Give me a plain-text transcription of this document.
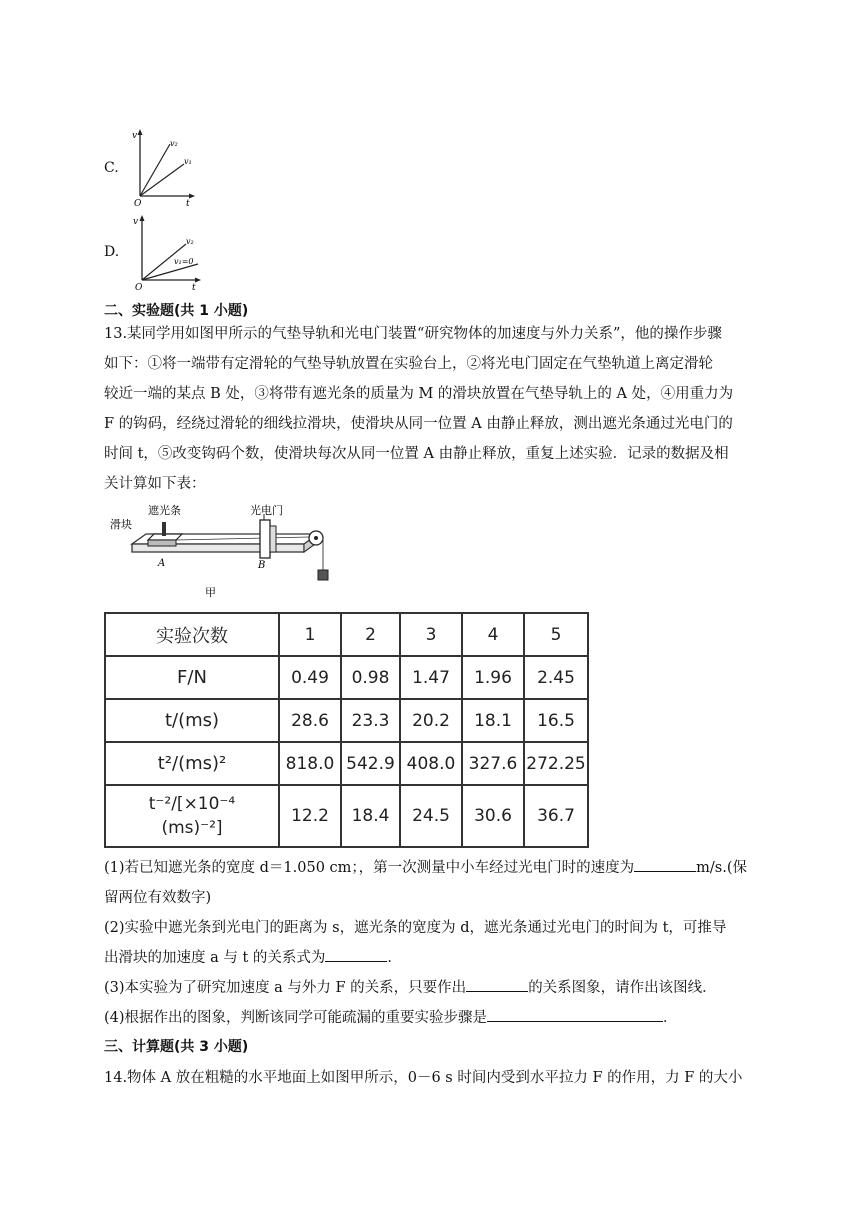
C.
v
t
O
v₂
v₁
D.
v
t
O
v₂
v₁=0
二、实验题(共 1 小题)
13.某同学用如图甲所示的气垫导轨和光电门装置“研究物体的加速度与外力关系”，他的操作步骤
如下：①将一端带有定滑轮的气垫导轨放置在实验台上，②将光电门固定在气垫轨道上离定滑轮
较近一端的某点 B 处，③将带有遮光条的质量为 M 的滑块放置在气垫导轨上的 A 处，④用重力为
F 的钩码，经绕过滑轮的细线拉滑块，使滑块从同一位置 A 由静止释放，测出遮光条通过光电门的
时间 t，⑤改变钩码个数，使滑块每次从同一位置 A 由静止释放，重复上述实验．记录的数据及相
关计算如下表：
滑块
遮光条	光电门
A	B
甲
实验次数	1	2	3	4	5
F/N	0.49	0.98	1.47	1.96	2.45
t/(ms)	28.6	23.3	20.2	18.1	16.5
t²/(ms)²	818.0	542.9	408.0	327.6	272.25

t⁻²/[×10⁻⁴
(ms)⁻²]	12.2	18.4	24.5	30.6	36.7
(1)若已知遮光条的宽度 d＝1.050 cm；，第一次测量中小车经过光电门时的速度为	m/s.(保
留两位有效数字)
(2)实验中遮光条到光电门的距离为 s，遮光条的宽度为 d，遮光条通过光电门的时间为 t，可推导
出滑块的加速度 a 与 t 的关系式为	．
(3)本实验为了研究加速度 a 与外力 F 的关系，只要作出	的关系图象，请作出该图线．
(4)根据作出的图象，判断该同学可能疏漏的重要实验步骤是	．
三、计算题(共 3 小题)
14.物体 A 放在粗糙的水平地面上如图甲所示，0－6 s 时间内受到水平拉力 F 的作用，力 F 的大小
